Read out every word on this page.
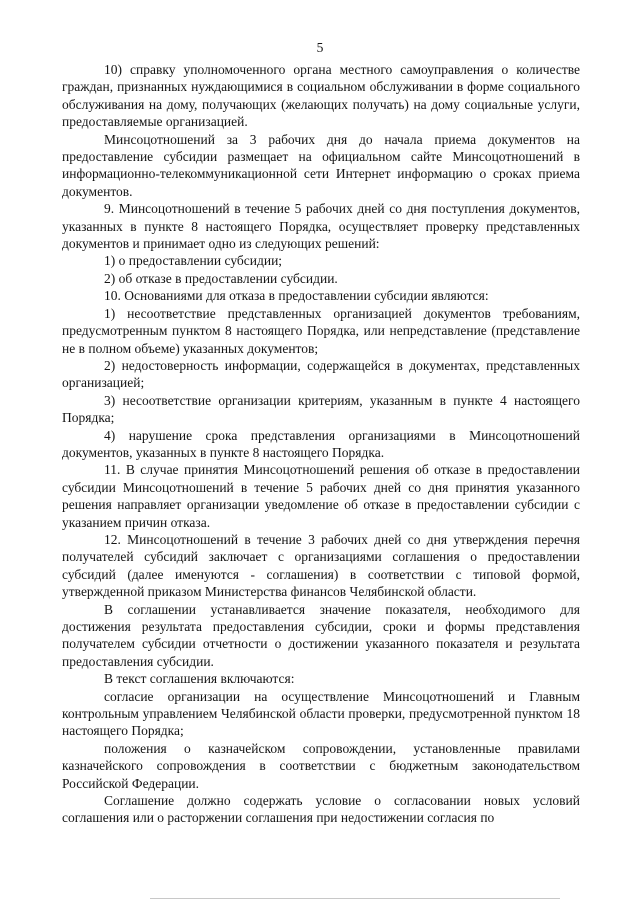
5

10) справку уполномоченного органа местного самоуправления о количестве граждан, признанных нуждающимися в социальном обслуживании в форме социального обслуживания на дому, получающих (желающих получать) на дому социальные услуги, предоставляемые организацией.

Минсоцотношений за 3 рабочих дня до начала приема документов на предоставление субсидии размещает на официальном сайте Минсоцотношений в информационно-телекоммуникационной сети Интернет информацию о сроках приема документов.

9. Минсоцотношений в течение 5 рабочих дней со дня поступления документов, указанных в пункте 8 настоящего Порядка, осуществляет проверку представленных документов и принимает одно из следующих решений:

1) о предоставлении субсидии;

2) об отказе в предоставлении субсидии.

10. Основаниями для отказа в предоставлении субсидии являются:

1) несоответствие представленных организацией документов требованиям, предусмотренным пунктом 8 настоящего Порядка, или непредставление (представление не в полном объеме) указанных документов;

2) недостоверность информации, содержащейся в документах, представленных организацией;

3) несоответствие организации критериям, указанным в пункте 4 настоящего Порядка;

4) нарушение срока представления организациями в Минсоцотношений документов, указанных в пункте 8 настоящего Порядка.

11. В случае принятия Минсоцотношений решения об отказе в предоставлении субсидии Минсоцотношений в течение 5 рабочих дней со дня принятия указанного решения направляет организации уведомление об отказе в предоставлении субсидии с указанием причин отказа.

12. Минсоцотношений в течение 3 рабочих дней со дня утверждения перечня получателей субсидий заключает с организациями соглашения о предоставлении субсидий (далее именуются - соглашения) в соответствии с типовой формой, утвержденной приказом Министерства финансов Челябинской области.

В соглашении устанавливается значение показателя, необходимого для достижения результата предоставления субсидии, сроки и формы представления получателем субсидии отчетности о достижении указанного показателя и результата предоставления субсидии.

В текст соглашения включаются:

согласие организации на осуществление Минсоцотношений и Главным контрольным управлением Челябинской области проверки, предусмотренной пунктом 18 настоящего Порядка;

положения о казначейском сопровождении, установленные правилами казначейского сопровождения в соответствии с бюджетным законодательством Российской Федерации.

Соглашение должно содержать условие о согласовании новых условий соглашения или о расторжении соглашения при недостижении согласия по
